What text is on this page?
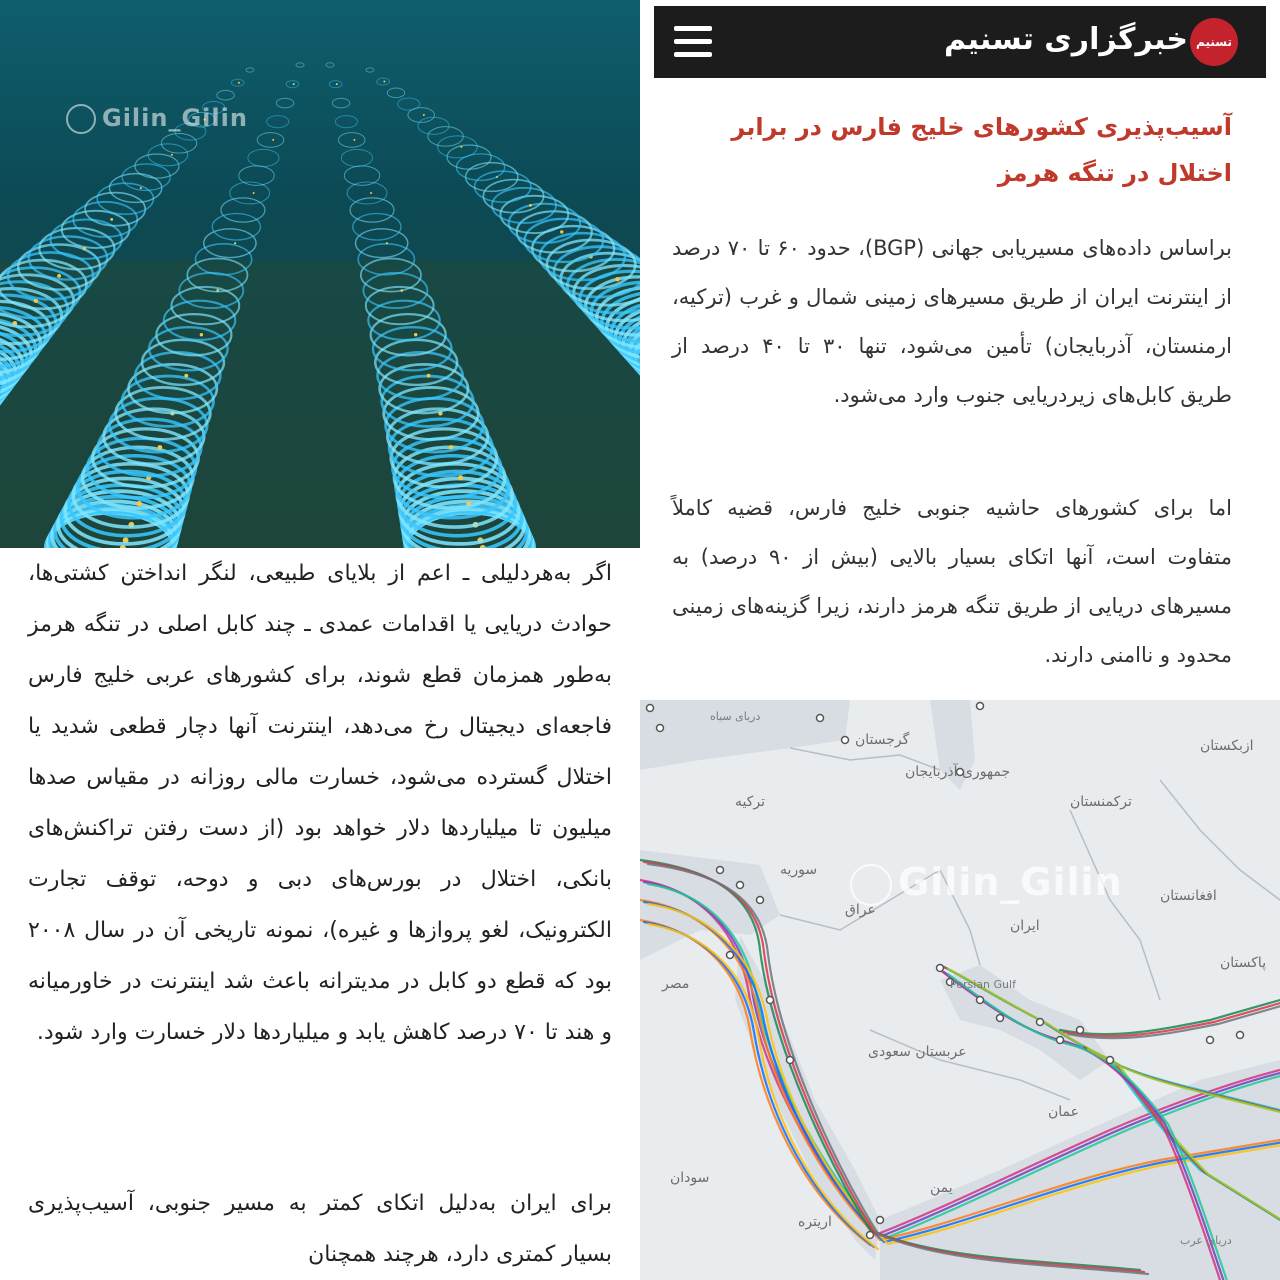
Gilin_Gilin
خبرگزاری تسنیم تسنیم
آسیب‌پذیری کشورهای خلیج فارس در برابر اختلال در تنگه هرمز
براساس داده‌های مسیریابی جهانی (BGP)، حدود ۶۰ تا ۷۰ درصد از اینترنت ایران از طریق مسیرهای زمینی شمال و غرب (ترکیه، ارمنستان، آذربایجان) تأمین می‌شود، تنها ۳۰ تا ۴۰ درصد از طریق کابل‌های زیردریایی جنوب وارد می‌شود.
اما برای کشورهای حاشیه جنوبی خلیج فارس، قضیه کاملاً متفاوت است، آنها اتکای بسیار بالایی (بیش از ۹۰ درصد) به مسیرهای دریایی از طریق تنگه هرمز دارند، زیرا گزینه‌های زمینی محدود و ناامنی دارند.
اگر به‌هردلیلی ـ اعم از بلایای طبیعی، لنگر انداختن کشتی‌ها، حوادث دریایی یا اقدامات عمدی ـ چند کابل اصلی در تنگه هرمز به‌طور همزمان قطع شوند، برای کشورهای عربی خلیج فارس فاجعه‌ای دیجیتال رخ می‌دهد، اینترنت آنها دچار قطعی شدید یا اختلال گسترده می‌شود، خسارت مالی روزانه در مقیاس صدها میلیون تا میلیاردها دلار خواهد بود (از دست رفتن تراکنش‌های بانکی، اختلال در بورس‌های دبی و دوحه، توقف تجارت الکترونیک، لغو پروازها و غیره)، نمونه تاریخی آن در سال ۲۰۰۸ بود که قطع دو کابل در مدیترانه باعث شد اینترنت در خاورمیانه و هند تا ۷۰ درصد کاهش یابد و میلیاردها دلار خسارت وارد شود.
برای ایران به‌دلیل اتکای کمتر به مسیر جنوبی، آسیب‌پذیری بسیار کمتری دارد، هرچند همچنان
دریای سیاه
گرجستان
جمهوری آذربایجان
ازبکستان
ترکیه	ترکمنستان
سوریه
عراق
ایران
افغانستان
پاکستان
مصر	Persian Gulf
عربستان سعودی
عمان
سودان
اریتره
یمن
دریای عرب
Gilin_Gilin
